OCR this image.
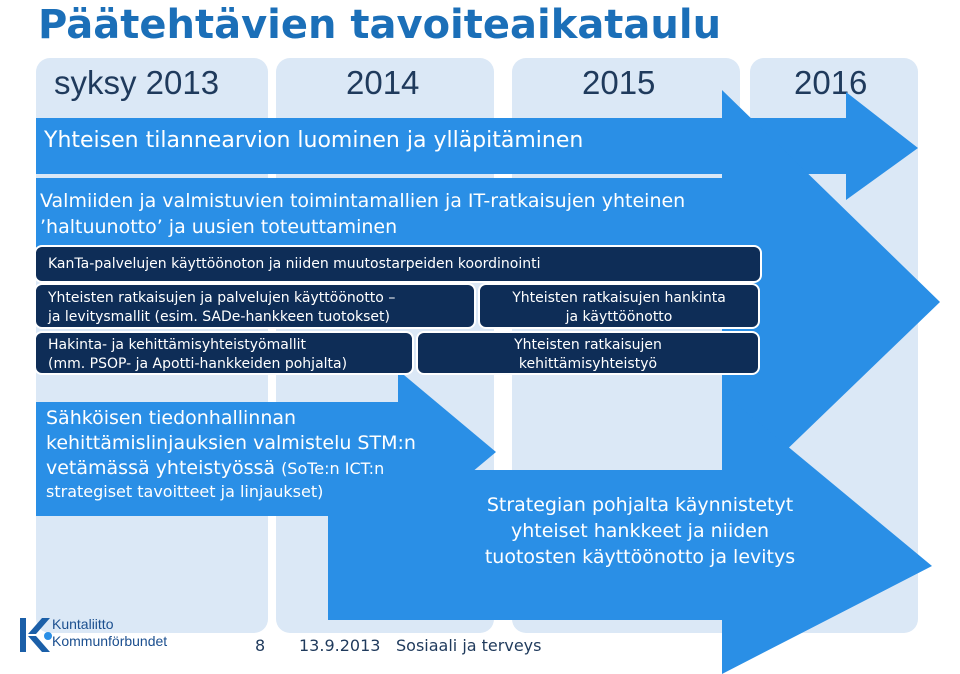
Päätehtävien tavoiteaikataulu
syksy 2013	2014	2015	2016
Yhteisen tilannearvion luominen ja ylläpitäminen
Valmiiden ja valmistuvien toimintamallien ja IT-ratkaisujen yhteinen
’haltuunotto’ ja uusien toteuttaminen
KanTa-palvelujen käyttöönoton ja niiden muutostarpeiden koordinointi
Yhteisten ratkaisujen ja palvelujen käyttöönotto –
ja levitysmallit (esim. SADe-hankkeen tuotokset)
Yhteisten ratkaisujen hankinta
ja käyttöönotto
Hakinta- ja kehittämisyhteistyömallit
(mm. PSOP- ja Apotti-hankkeiden pohjalta)
Yhteisten ratkaisujen
kehittämisyhteistyö
Sähköisen tiedonhallinnan
kehittämislinjauksien valmistelu STM:n
vetämässä yhteistyössä (SoTe:n ICT:n
strategiset tavoitteet ja linjaukset)
Strategian pohjalta käynnistetyt
yhteiset hankkeet ja niiden
tuotosten käyttöönotto ja levitys
Kuntaliitto
Kommunförbundet	8 13.9.2013 Sosiaali ja terveys
